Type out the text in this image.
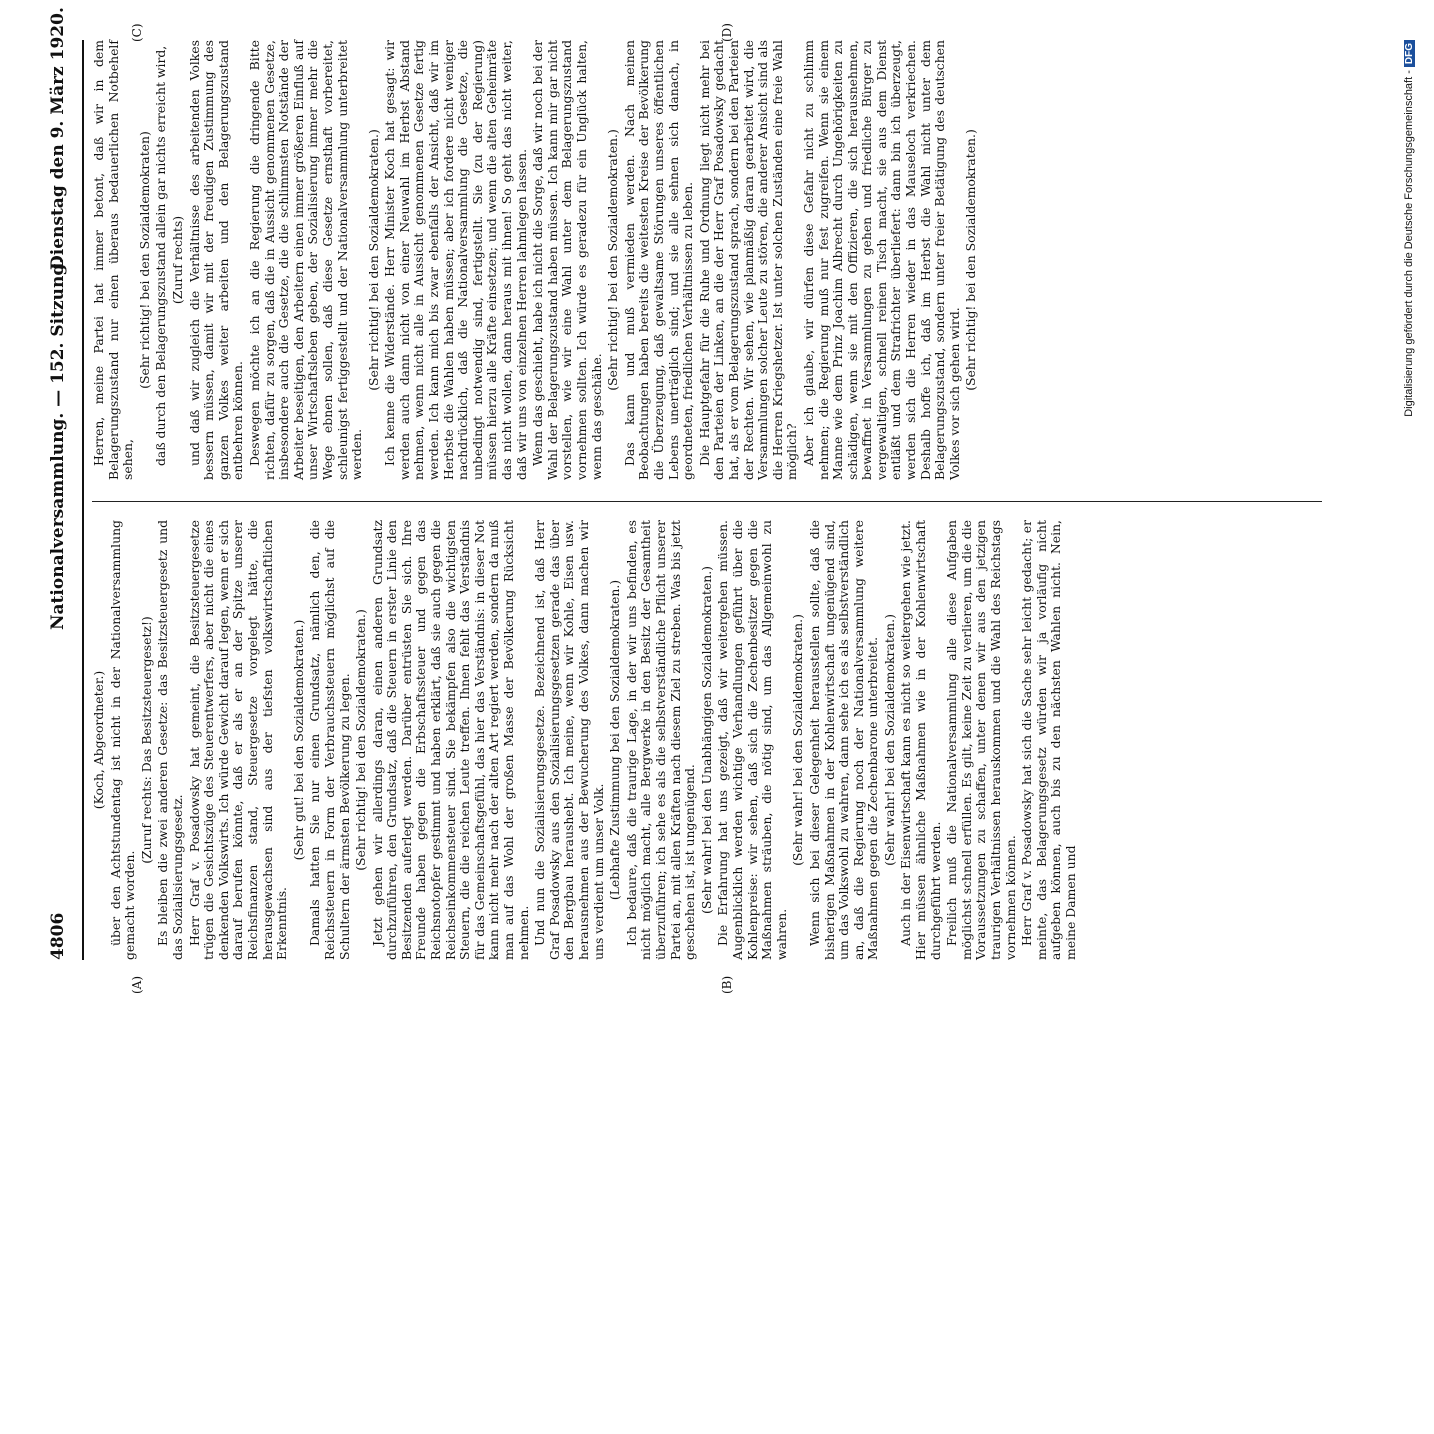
4806
Nationalversammlung. — 152. Sitzung.
Dienstag den 9. März 1920.
(A)	(B)
(C)	(D)

(Koch, Abgeordneter.) über den Achtstundentag ist nicht in der Nationalversammlung gemacht worden.

(Zuruf rechts: Das Besitzsteuergesetz!) Es bleiben die zwei anderen Gesetze: das Besitzsteuergesetz und das Sozialisierungsgesetz. Herr Graf v. Posadowsky hat gemeint, die Besitzsteuergesetze trügen die Gesichtszüge des Steuerentwerfers, aber nicht die eines denkenden Volkswirts. Ich würde Gewicht darauf legen, wenn er sich darauf berufen könnte, daß er als er an der Spitze unserer Reichsfinanzen stand, Steuergesetze vorgelegt hätte, die herausgewachsen sind aus der tiefsten volkswirtschaftlichen Erkenntnis.

(Sehr gut! bei den Sozialdemokraten.) Damals hatten Sie nur einen Grundsatz, nämlich den, die Reichssteuern in Form der Verbrauchssteuern möglichst auf die Schultern der ärmsten Bevölkerung zu legen. (Sehr richtig! bei den Sozialdemokraten.) Jetzt gehen wir allerdings daran, einen anderen Grundsatz durchzuführen, den Grundsatz, daß die Steuern in erster Linie den Besitzenden auferlegt werden. Darüber entrüsten Sie sich. Ihre Freunde haben gegen die Erbschaftssteuer und gegen das Reichsnotopfer gestimmt und haben erklärt, daß sie auch gegen die Reichseinkommensteuer sind. Sie bekämpfen also die wichtigsten Steuern, die die reichen Leute treffen. Ihnen fehlt das Verständnis für das Gemeinschaftsgefühl, das hier das Verständnis: in dieser Not kann nicht mehr nach der alten Art regiert werden, sondern da muß man auf das Wohl der großen Masse der Bevölkerung Rücksicht nehmen. Und nun die Sozialisierungsgesetze. Bezeichnend ist, daß Herr Graf Posadowsky aus den Sozialisierungsgesetzen gerade das über den Bergbau heraushebt. Ich meine, wenn wir Kohle, Eisen usw. herausnehmen aus der Bewucherung des Volkes, dann machen wir uns verdient um unser Volk. (Lebhafte Zustimmung bei den Sozialdemokraten.) Ich bedaure, daß die traurige Lage, in der wir uns befinden, es nicht möglich macht, alle Bergwerke in den Besitz der Gesamtheit überzuführen; ich sehe es als die selbstverständliche Pflicht unserer Partei an, mit allen Kräften nach diesem Ziel zu streben. Was bis jetzt geschehen ist, ist ungenügend. (Sehr wahr! bei den Unabhängigen Sozialdemokraten.) Die Erfahrung hat uns gezeigt, daß wir weitergehen müssen. Augenblicklich werden wichtige Verhandlungen geführt über die Kohlenpreise: wir sehen, daß sich die Zechenbesitzer gegen die Maßnahmen sträuben, die nötig sind, um das Allgemeinwohl zu wahren.

(Sehr wahr! bei den Sozialdemokraten.) Wenn sich bei dieser Gelegenheit herausstellen sollte, daß die bisherigen Maßnahmen in der Kohlenwirtschaft ungenügend sind, um das Volkswohl zu wahren, dann sehe ich es als selbstverständlich an, daß die Regierung noch der Nationalversammlung weitere Maßnahmen gegen die Zechenbarone unterbreitet. (Sehr wahr! bei den Sozialdemokraten.) Auch in der Eisenwirtschaft kann es nicht so weitergehen wie jetzt. Hier müssen ähnliche Maßnahmen wie in der Kohlenwirtschaft durchgeführt werden. Freilich muß die Nationalversammlung alle diese Aufgaben möglichst schnell erfüllen. Es gilt, keine Zeit zu verlieren, um die die Voraussetzungen zu schaffen, unter denen wir aus den jetzigen traurigen Verhältnissen herauskommen und die Wahl des Reichstags vornehmen können. Herr Graf v. Posadowsky hat sich die Sache sehr leicht gedacht; er meinte, das Belagerungsgesetz würden wir ja vorläufig nicht aufgeben können, auch bis zu den nächsten Wahlen nicht. Nein, meine Damen und

Herren, meine Partei hat immer betont, daß wir in dem Belagerungszustand nur einen überaus bedauerlichen Notbehelf sehen,

(Sehr richtig! bei den Sozialdemokraten) daß durch den Belagerungszustand allein gar nichts erreicht wird, (Zuruf rechts) und daß wir zugleich die Verhältnisse des arbeitenden Volkes bessern müssen, damit wir mit der freudigen Zustimmung des ganzen Volkes weiter arbeiten und den Belagerungszustand entbehren können. Deswegen möchte ich an die Regierung die dringende Bitte richten, dafür zu sorgen, daß die in Aussicht genommenen Gesetze, insbesondere auch die Gesetze, die die schlimmsten Notstände der Arbeiter beseitigen, den Arbeitern einen immer größeren Einfluß auf unser Wirtschaftsleben geben, der Sozialisierung immer mehr die Wege ebnen sollen, daß diese Gesetze ernsthaft vorbereitet, schleunigst fertiggestellt und der Nationalversammlung unterbreitet werden.

(Sehr richtig! bei den Sozialdemokraten.) Ich kenne die Widerstände. Herr Minister Koch hat gesagt: wir werden auch dann nicht von einer Neuwahl im Herbst Abstand nehmen, wenn nicht alle in Aussicht genommenen Gesetze fertig werden. Ich kann mich bis zwar ebenfalls der Ansicht, daß wir im Herbste die Wahlen haben müssen; aber ich fordere nicht weniger nachdrücklich, daß die Nationalversammlung die Gesetze, die unbedingt notwendig sind, fertigstellt. Sie (zu der Regierung) müssen hierzu alle Kräfte einsetzen; und wenn die alten Geheimräte das nicht wollen, dann heraus mit ihnen! So geht das nicht weiter, daß wir uns von einzelnen Herren lahmlegen lassen. Wenn das geschieht, habe ich nicht die Sorge, daß wir noch bei der Wahl der Belagerungszustand haben müssen. Ich kann mir gar nicht vorstellen, wie wir eine Wahl unter dem Belagerungszustand vornehmen sollten. Ich würde es geradezu für ein Unglück halten, wenn das geschähe.

(Sehr richtig! bei den Sozialdemokraten.) Das kann und muß vermieden werden. Nach meinen Beobachtungen haben bereits die weitesten Kreise der Bevölkerung die Überzeugung, daß gewaltsame Störungen unseres öffentlichen Lebens unerträglich sind; und sie alle sehnen sich danach, in geordneten, friedlichen Verhältnissen zu leben. Die Hauptgefahr für die Ruhe und Ordnung liegt nicht mehr bei den Parteien der Linken, an die der Herr Graf Posadowsky gedacht hat, als er vom Belagerungszustand sprach, sondern bei den Parteien der Rechten. Wir sehen, wie planmäßig daran gearbeitet wird, die Versammlungen solcher Leute zu stören, die anderer Ansicht sind als die Herren Kriegshetzer. Ist unter solchen Zuständen eine freie Wahl möglich? Aber ich glaube, wir dürfen diese Gefahr nicht zu schlimm nehmen; die Regierung muß nur fest zugreifen. Wenn sie einem Manne wie dem Prinz Joachim Albrecht durch Ungehörigkeiten zu schädigen, wenn sie mit den Offizieren, die sich herausnehmen, bewaffnet in Versammlungen zu gehen und friedliche Bürger zu vergewaltigen, schnell reinen Tisch macht, sie aus dem Dienst entläßt und dem Strafrichter überliefert: dann bin ich überzeugt, werden sich die Herren wieder in das Mauseloch verkriechen. Deshalb hoffe ich, daß im Herbst die Wahl nicht unter dem Belagerungszustand, sondern unter freier Betätigung des deutschen Volkes vor sich gehen wird.

(Sehr richtig! bei den Sozialdemokraten.)	Digitalisierung gefördert durch die Deutsche Forschungsgemeinschaft -DFG
